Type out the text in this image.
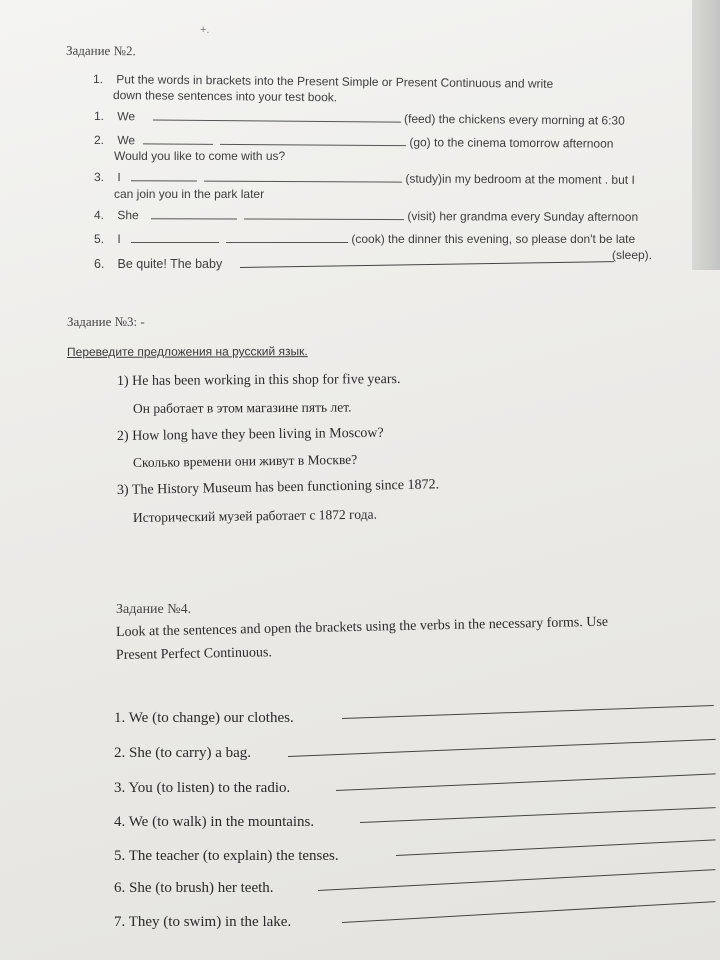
+.
Задание №2.
1. Put the words in brackets into the Present Simple or Present Continuous and write
down these sentences into your test book.
1. We	(feed) the chickens every morning at 6:30
2. We	(go) to the cinema tomorrow afternoon
Would you like to come with us?
3. I	(study)in my bedroom at the moment . but I
can join you in the park later
4. She	(visit) her grandma every Sunday afternoon
5. I	(cook) the dinner this evening, so please don't be late
6. Be quite! The baby
(sleep).
Задание №3: -
Переведите предложения на русский язык.
1) He has been working in this shop for five years.
Он работает в этом магазине пять лет.
2) How long have they been living in Moscow?
Сколько времени они живут в Москве?
3) The History Museum has been functioning since 1872.
Исторический музей работает с 1872 года.
Задание №4.
Look at the sentences and open the brackets using the verbs in the necessary forms. Use
Present Perfect Continuous.
1. We (to change) our clothes.
2. She (to carry) a bag.
3. You (to listen) to the radio.
4. We (to walk) in the mountains.
5. The teacher (to explain) the tenses.
6. She (to brush) her teeth.
7. They (to swim) in the lake.
